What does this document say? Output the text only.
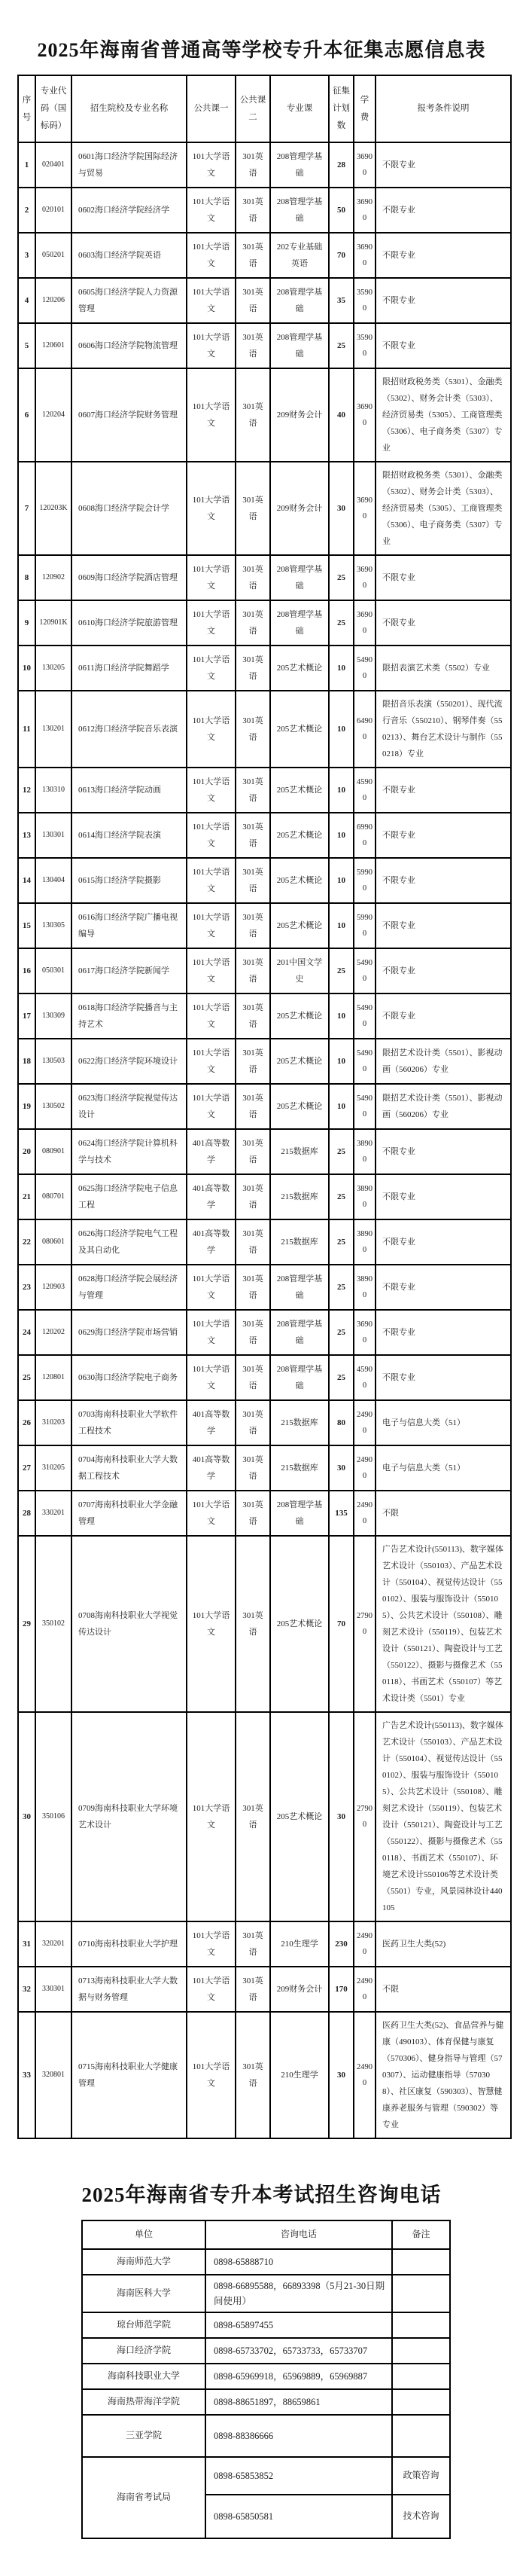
2025年海南省普通高等学校专升本征集志愿信息表
序号	专业代码（国标码）	招生院校及专业名称	公共课一	公共课二	专业课	征集计划数	学费	报考条件说明
1	020401	0601海口经济学院国际经济与贸易	101大学语文	301英语	208管理学基础	28	36900	不限专业
2	020101	0602海口经济学院经济学	101大学语文	301英语	208管理学基础	50	36900	不限专业
3	050201	0603海口经济学院英语	101大学语文	301英语	202专业基础英语	70	36900	不限专业
4	120206	0605海口经济学院人力资源管理	101大学语文	301英语	208管理学基础	35	35900	不限专业
5	120601	0606海口经济学院物流管理	101大学语文	301英语	208管理学基础	25	35900	不限专业
6	120204	0607海口经济学院财务管理	101大学语文	301英语	209财务会计	40	36900	限招财政税务类（5301）、金融类（5302）、财务会计类（5303）、经济贸易类（5305）、工商管理类（5306）、电子商务类（5307）专业
7	120203K	0608海口经济学院会计学	101大学语文	301英语	209财务会计	30	36900	限招财政税务类（5301）、金融类（5302）、财务会计类（5303）、经济贸易类（5305）、工商管理类（5306）、电子商务类（5307）专业
8	120902	0609海口经济学院酒店管理	101大学语文	301英语	208管理学基础	25	36900	不限专业
9	120901K	0610海口经济学院旅游管理	101大学语文	301英语	208管理学基础	25	36900	不限专业
10	130205	0611海口经济学院舞蹈学	101大学语文	301英语	205艺术概论	10	54900	限招表演艺术类（5502）专业
11	130201	0612海口经济学院音乐表演	101大学语文	301英语	205艺术概论	10	64900	限招音乐表演（550201）、现代流行音乐（550210）、钢琴伴奏（550213）、舞台艺术设计与制作（550218）专业
12	130310	0613海口经济学院动画	101大学语文	301英语	205艺术概论	10	45900	不限专业
13	130301	0614海口经济学院表演	101大学语文	301英语	205艺术概论	10	69900	不限专业
14	130404	0615海口经济学院摄影	101大学语文	301英语	205艺术概论	10	59900	不限专业
15	130305	0616海口经济学院广播电视编导	101大学语文	301英语	205艺术概论	10	59900	不限专业
16	050301	0617海口经济学院新闻学	101大学语文	301英语	201中国文学史	25	54900	不限专业
17	130309	0618海口经济学院播音与主持艺术	101大学语文	301英语	205艺术概论	10	54900	不限专业
18	130503	0622海口经济学院环境设计	101大学语文	301英语	205艺术概论	10	54900	限招艺术设计类（5501）、影视动画（560206）专业
19	130502	0623海口经济学院视觉传达设计	101大学语文	301英语	205艺术概论	10	54900	限招艺术设计类（5501）、影视动画（560206）专业
20	080901	0624海口经济学院计算机科学与技术	401高等数学	301英语	215数据库	25	38900	不限专业
21	080701	0625海口经济学院电子信息工程	401高等数学	301英语	215数据库	25	38900	不限专业
22	080601	0626海口经济学院电气工程及其自动化	401高等数学	301英语	215数据库	25	38900	不限专业
23	120903	0628海口经济学院会展经济与管理	101大学语文	301英语	208管理学基础	25	38900	不限专业
24	120202	0629海口经济学院市场营销	101大学语文	301英语	208管理学基础	25	36900	不限专业
25	120801	0630海口经济学院电子商务	101大学语文	301英语	208管理学基础	25	45900	不限专业
26	310203	0703海南科技职业大学软件工程技术	401高等数学	301英语	215数据库	80	24900	电子与信息大类（51）
27	310205	0704海南科技职业大学大数据工程技术	401高等数学	301英语	215数据库	30	24900	电子与信息大类（51）
28	330201	0707海南科技职业大学金融管理	101大学语文	301英语	208管理学基础	135	24900	不限
29	350102	0708海南科技职业大学视觉传达设计	101大学语文	301英语	205艺术概论	70	27900	广告艺术设计(550113)、数字媒体艺术设计（550103）、产品艺术设计（550104）、视觉传达设计（550102）、服装与服饰设计（550105）、公共艺术设计（550108）、雕刻艺术设计（550119）、包装艺术设计（550121）、陶瓷设计与工艺（550122）、摄影与摄像艺术（550118）、书画艺术（550107）等艺术设计类（5501）专业
30	350106	0709海南科技职业大学环境艺术设计	101大学语文	301英语	205艺术概论	30	27900	广告艺术设计(550113)、数字媒体艺术设计（550103）、产品艺术设计（550104）、视觉传达设计（550102）、服装与服饰设计（550105）、公共艺术设计（550108）、雕刻艺术设计（550119）、包装艺术设计（550121）、陶瓷设计与工艺（550122）、摄影与摄像艺术（550118）、书画艺术（550107）、环境艺术设计550106等艺术设计类（5501）专业，风景园林设计440105
31	320201	0710海南科技职业大学护理	101大学语文	301英语	210生理学	230	24900	医药卫生大类(52)
32	330301	0713海南科技职业大学大数据与财务管理	101大学语文	301英语	209财务会计	170	24900	不限
33	320801	0715海南科技职业大学健康管理	101大学语文	301英语	210生理学	30	24900	医药卫生大类(52)、食品营养与健康（490103）、体育保健与康复（570306）、健身指导与管理（570307）、运动健康指导（570308）、社区康复（590303）、智慧健康养老服务与管理（590302）等专业
2025年海南省专升本考试招生咨询电话
单位	咨询电话	备注
海南师范大学	0898-65888710	
海南医科大学	0898-66895588，66893398（5月21-30日期间使用）	
琼台师范学院	0898-65897455	
海口经济学院	0898-65733702，65733733，65733707	
海南科技职业大学	0898-65969918，65969889，65969887	
海南热带海洋学院	0898-88651897，88659861	
三亚学院	0898-88386666	
海南省考试局	0898-65853852	政策咨询
	0898-65850581	技术咨询
